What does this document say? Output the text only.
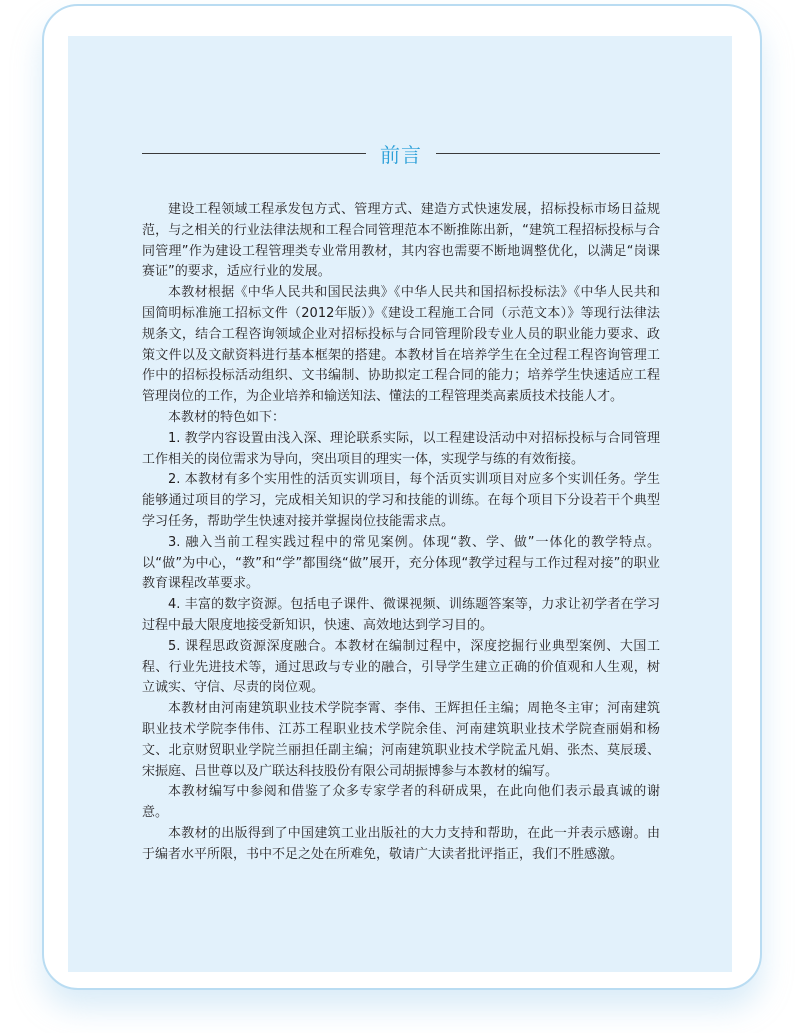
前言

建设工程领域工程承发包方式、管理方式、建造方式快速发展，招标投标市场日益规范，与之相关的行业法律法规和工程合同管理范本不断推陈出新，“建筑工程招标投标与合同管理”作为建设工程管理类专业常用教材，其内容也需要不断地调整优化，以满足“岗课赛证”的要求，适应行业的发展。

本教材根据《中华人民共和国民法典》《中华人民共和国招标投标法》《中华人民共和国简明标准施工招标文件（2012年版）》《建设工程施工合同（示范文本）》等现行法律法规条文，结合工程咨询领域企业对招标投标与合同管理阶段专业人员的职业能力要求、政策文件以及文献资料进行基本框架的搭建。本教材旨在培养学生在全过程工程咨询管理工作中的招标投标活动组织、文书编制、协助拟定工程合同的能力；培养学生快速适应工程管理岗位的工作，为企业培养和输送知法、懂法的工程管理类高素质技术技能人才。

本教材的特色如下：

1. 教学内容设置由浅入深、理论联系实际，以工程建设活动中对招标投标与合同管理工作相关的岗位需求为导向，突出项目的理实一体，实现学与练的有效衔接。

2. 本教材有多个实用性的活页实训项目，每个活页实训项目对应多个实训任务。学生能够通过项目的学习，完成相关知识的学习和技能的训练。在每个项目下分设若干个典型学习任务，帮助学生快速对接并掌握岗位技能需求点。

3. 融入当前工程实践过程中的常见案例。体现“教、学、做”一体化的教学特点。以“做”为中心，“教”和“学”都围绕“做”展开，充分体现“教学过程与工作过程对接”的职业教育课程改革要求。

4. 丰富的数字资源。包括电子课件、微课视频、训练题答案等，力求让初学者在学习过程中最大限度地接受新知识，快速、高效地达到学习目的。

5. 课程思政资源深度融合。本教材在编制过程中，深度挖掘行业典型案例、大国工程、行业先进技术等，通过思政与专业的融合，引导学生建立正确的价值观和人生观，树立诚实、守信、尽责的岗位观。

本教材由河南建筑职业技术学院李霄、李伟、王辉担任主编；周艳冬主审；河南建筑职业技术学院李伟伟、江苏工程职业技术学院余佳、河南建筑职业技术学院查丽娟和杨文、北京财贸职业学院兰丽担任副主编；河南建筑职业技术学院孟凡娟、张杰、莫辰瑗、宋振庭、吕世尊以及广联达科技股份有限公司胡振博参与本教材的编写。

本教材编写中参阅和借鉴了众多专家学者的科研成果，在此向他们表示最真诚的谢意。

本教材的出版得到了中国建筑工业出版社的大力支持和帮助，在此一并表示感谢。由于编者水平所限，书中不足之处在所难免，敬请广大读者批评指正，我们不胜感激。
